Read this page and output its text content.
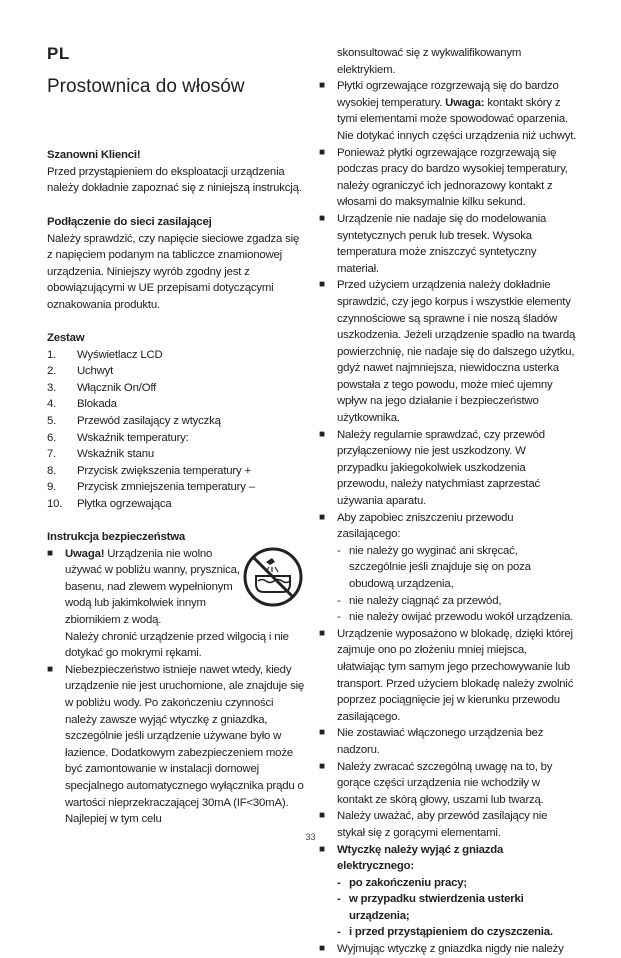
PL
Prostownica do włosów

Szanowni Klienci!

Przed przystąpieniem do eksploatacji urządzenia należy dokładnie zapoznać się z niniejszą instrukcją.

Podłączenie do sieci zasilającej

Należy sprawdzić, czy napięcie sieciowe zgadza się z napięciem podanym na tabliczce znamionowej urządzenia. Niniejszy wyrób zgodny jest z obowiązującymi w UE przepisami dotyczącymi oznakowania produktu.

Zestaw

1.	Wyświetlacz LCD
2.	Uchwyt
3.	Włącznik On/Off
4.	Blokada
5.	Przewód zasilający z wtyczką
6.	Wskaźnik temperatury:
7.	Wskaźnik stanu
8.	Przycisk zwiększenia temperatury +
9.	Przycisk zmniejszenia temperatury –
10.	Płytka ogrzewająca

Instrukcja bezpieczeństwa

■	Uwaga! Urządzenia nie wolno
używać w pobliżu wanny, prysznica,
basenu, nad zlewem wypełnionym
wodą lub jakimkolwiek innym
zbiornikiem z wodą.
Należy chronić urządzenie przed wilgocią i nie dotykać go mokrymi rękami.
■	Niebezpieczeństwo istnieje nawet wtedy, kiedy urządzenie nie jest uruchomione, ale znajduje się w pobliżu wody. Po zakończeniu czynności należy zawsze wyjąć wtyczkę z gniazdka, szczególnie jeśli urządzenie używane było w łazience. Dodatkowym zabezpieczeniem może być zamontowanie w instalacji domowej specjalnego automatycznego wyłącznika prądu o wartości nieprzekraczającej 30mA (IF<30mA). Najlepiej w tym celu

skonsultować się z wykwalifikowanym elektrykiem.

■	Płytki ogrzewające rozgrzewają się do bardzo wysokiej temperatury. Uwaga: kontakt skóry z tymi elementami może spowodować oparzenia. Nie dotykać innych części urządzenia niż uchwyt.
■	Ponieważ płytki ogrzewające rozgrzewają się podczas pracy do bardzo wysokiej temperatury, należy ograniczyć ich jednorazowy kontakt z włosami do maksymalnie kilku sekund.
■	Urządzenie nie nadaje się do modelowania syntetycznych peruk lub tresek. Wysoka temperatura może zniszczyć syntetyczny materiał.
■	Przed użyciem urządzenia należy dokładnie sprawdzić, czy jego korpus i wszystkie elementy czynnościowe są sprawne i nie noszą śladów uszkodzenia. Jeżeli urządzenie spadło na twardą powierzchnię, nie nadaje się do dalszego użytku, gdyż nawet najmniejsza, niewidoczna usterka powstała z tego powodu, może mieć ujemny wpływ na jego działanie i bezpieczeństwo użytkownika.
■	Należy regularnie sprawdzać, czy przewód przyłączeniowy nie jest uszkodzony. W przypadku jakiegokolwiek uszkodzenia przewodu, należy natychmiast zaprzestać używania aparatu.
■	Aby zapobiec zniszczeniu przewodu zasilającego:
- nie należy go wyginać ani skręcać, szczególnie jeśli znajduje się on poza obudową urządzenia,
- nie należy ciągnąć za przewód,
- nie należy owijać przewodu wokół urządzenia.
■	Urządzenie wyposażono w blokadę, dzięki której zajmuje ono po złożeniu mniej miejsca, ułatwiając tym samym jego przechowywanie lub transport. Przed użyciem blokadę należy zwolnić poprzez pociągnięcie jej w kierunku przewodu zasilającego.
■	Nie zostawiać włączonego urządzenia bez nadzoru.
■	Należy zwracać szczególną uwagę na to, by gorące części urządzenia nie wchodziły w kontakt ze skórą głowy, uszami lub twarzą.
■	Należy uważać, aby przewód zasilający nie stykał się z gorącymi elementami.
■	Wtyczkę należy wyjąć z gniazda elektrycznego:
- po zakończeniu pracy;
- w przypadku stwierdzenia usterki urządzenia;
- i przed przystąpieniem do czyszczenia.
■	Wyjmując wtyczkę z gniazdka nigdy nie należy
33
